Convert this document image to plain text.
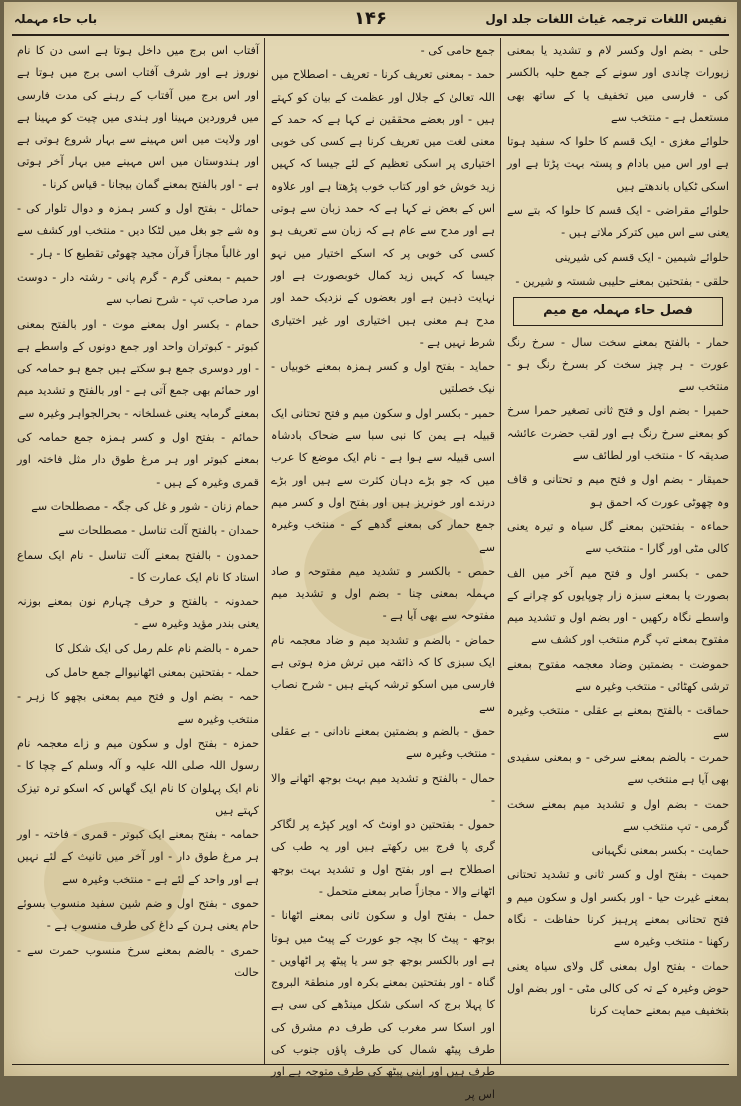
نفیس اللغات ترجمہ غیاث اللغات جلد اول
۱۴۶
باب حاء مہملہ

حلی - بضم اول وکسر لام و تشدید یا بمعنی زیورات چاندی اور سونے کے جمع حلیہ بالکسر کی - فارسی میں تخفیف یا کے ساتھ بھی مستعمل ہے - منتخب سے

حلوائے مغزی - ایک قسم کا حلوا کہ سفید ہوتا ہے اور اس میں بادام و پستہ بہت پڑتا ہے اور اسکی ٹکیاں باندھتے ہیں

حلوائے مقراضی - ایک قسم کا حلوا کہ بتے سے یعنی سے اس میں کترکر ملاتے ہیں -

حلوائے شیمین - ایک قسم کی شیرینی

حلقی - بفتحتین بمعنے حلیبی شستہ و شیرین -

فصل حاء مہملہ مع میم

حمار - بالفتح بمعنے سخت سال - سرخ رنگ عورت - ہر چیز سخت کر بسرخ رنگ ہو - منتخب سے

حمیرا - بضم اول و فتح ثانی تصغیر حمرا سرخ کو بمعنے سرخ رنگ ہے اور لقب حضرت عائشہ صدیقہ کا - منتخب اور لطائف سے

حمیقار - بضم اول و فتح میم و تحتانی و قاف وہ چھوٹی عورت کہ احمق ہو

حماءہ - بفتحتین بمعنے گل سیاہ و تیرہ یعنی کالی مٹی اور گارا - منتخب سے

حمی - بکسر اول و فتح میم آخر میں الف بصورت یا بمعنے سبزہ زار چوپایوں کو چرانے کے واسطے نگاہ رکھیں - اور بضم اول و تشدید میم مفتوح بمعنے تپ گرم منتخب اور کشف سے

حموضت - بضمتین وضاد معجمہ مفتوح بمعنے ترشی کھٹائی - منتخب وغیرہ سے

حماقت - بالفتح بمعنے بے عقلی - منتخب وغیرہ سے

حمرت - بالضم بمعنے سرخی - و بمعنی سفیدی بھی آیا ہے منتخب سے

حمت - بضم اول و تشدید میم بمعنے سخت گرمی - تپ منتخب سے

حمایت - بکسر بمعنی نگہبانی

حمیت - بفتح اول و کسر ثانی و تشدید تحتانی بمعنے غیرت حیا - اور بکسر اول و سکون میم و فتح تحتانی بمعنے پرہیز کرنا حفاظت - نگاہ رکھنا - منتخب وغیرہ سے

حمات - بفتح اول بمعنی گل ولای سیاہ یعنی حوض وغیرہ کے تہ کی کالی مٹی - اور بضم اول بتخفیف میم بمعنے حمایت کرنا

جمع حامی کی -

حمد - بمعنی تعریف کرنا - تعریف - اصطلاح میں اللہ تعالیٰ کے جلال اور عظمت کے بیان کو کہتے ہیں - اور بعضے محققین نے کہا ہے کہ حمد کے معنی لغت میں تعریف کرنا ہے کسی کی خوبی اختیاری پر اسکی تعظیم کے لئے جیسا کہ کہیں زید خوش خو اور کتاب خوب پڑھتا ہے اور علاوہ اس کے بعض نے کہا ہے کہ حمد زبان سے ہوتی ہے اور مدح سے عام ہے کہ زبان سے تعریف ہو کسی کی خوبی پر کہ اسکے اختیار میں نہو جیسا کہ کہیں زید کمال خوبصورت ہے اور نہایت ذہین ہے اور بعضوں کے نزدیک حمد اور مدح ہم معنی ہیں اختیاری اور غیر اختیاری شرط نہیں ہے -

حماید - بفتح اول و کسر ہمزہ بمعنے خوبیاں - نیک خصلتیں

حمیر - بکسر اول و سکون میم و فتح تحتانی ایک قبیلہ ہے یمن کا نبی سبا سے ضحاک بادشاہ اسی قبیلہ سے ہوا ہے - نام ایک موضع کا عرب میں کہ جو بڑے دہان کثرت سے ہیں اور بڑے درندے اور خونریز ہیں اور بفتح اول و کسر میم جمع حمار کی بمعنے گدھے کے - منتخب وغیرہ سے

حمص - بالکسر و تشدید میم مفتوحہ و صاد مہملہ بمعنی چنا - بضم اول و تشدید میم مفتوحہ سے بھی آیا ہے -

حماض - بالضم و تشدید میم و ضاد معجمہ نام ایک سبزی کا کہ ذائقہ میں ترش مزہ ہوتی ہے فارسی میں اسکو ترشہ کہتے ہیں - شرح نصاب سے

حمق - بالضم و بضمتین بمعنے نادانی - بے عقلی - منتخب وغیرہ سے

حمال - بالفتح و تشدید میم بہت بوجھ اٹھانے والا -

حمول - بفتحتین دو اونٹ کہ اوپر کپڑے پر لگاکر گری پا فرج بیں رکھتے ہیں اور یہ طب کی اصطلاح ہے اور بفتح اول و تشدید بہت بوجھ اٹھانے والا - مجازاً صابر بمعنے متحمل -

حمل - بفتح اول و سکون ثانی بمعنے اٹھانا - بوجھ - پیٹ کا بچہ جو عورت کے پیٹ میں ہوتا ہے اور بالکسر بوجھ جو سر یا پیٹھ پر اٹھاویں - گناہ - اور بفتحتین بمعنے بکرہ اور منطقۃ البروج کا پہلا برج کہ اسکی شکل مینڈھے کی سی ہے اور اسکا سر مغرب کی طرف دم مشرق کی طرف پیٹھ شمال کی طرف پاؤں جنوب کی طرف ہیں اور اپنی پیٹھ کی طرف متوجہ ہے اور اس پر

آفتاب اس برج میں داخل ہوتا ہے اسی دن کا نام نوروز ہے اور شرف آفتاب اسی برج میں ہوتا ہے اور اس برج میں آفتاب کے رہنے کی مدت فارسی میں فروردین مہینا اور ہندی میں چیت کو مہینا ہے اور ولایت میں اس مہینے سے بہار شروع ہوتی ہے اور ہندوستان میں اس مہینے میں بہار آخر ہوتی ہے - اور بالفتح بمعنے گمان بیجانا - قیاس کرنا -

حمائل - بفتح اول و کسر ہمزہ و دوال تلوار کی - وہ شے جو بغل میں لٹکا دیں - منتخب اور کشف سے اور غالباً مجازاً قرآن مجید چھوٹی تقطیع کا - ہار -

حمیم - بمعنی گرم - گرم پانی - رشتہ دار - دوست مرد صاحب تپ - شرح نصاب سے

حمام - بکسر اول بمعنے موت - اور بالفتح بمعنی کبوتر - کبوتران واحد اور جمع دونوں کے واسطے ہے - اور دوسری جمع ہو سکتے ہیں جمع ہو حمامہ کی اور حمائم بھی جمع آتی ہے - اور بالفتح و تشدید میم بمعنے گرمابہ یعنی غسلخانہ - بحرالجواہر وغیرہ سے

حمائم - بفتح اول و کسر ہمزہ جمع حمامہ کی بمعنے کبوتر اور ہر مرغ طوق دار مثل فاختہ اور قمری وغیرہ کے ہیں -

حمام زنان - شور و غل کی جگہ - مصطلحات سے

حمدان - بالفتح آلت تناسل - مصطلحات سے

حمدون - بالفتح بمعنے آلت تناسل - نام ایک سماع استاد کا نام ایک عمارت کا -

حمدونہ - بالفتح و حرف چہارم نون بمعنے بوزنہ یعنی بندر مؤید وغیرہ سے -

حمرہ - بالضم نام علم رمل کی ایک شکل کا

حملہ - بفتحتین بمعنی اٹھانیوالے جمع حامل کی

حمہ - بضم اول و فتح میم بمعنی بچھو کا زہر - منتخب وغیرہ سے

حمزہ - بفتح اول و سکون میم و زاے معجمہ نام رسول اللہ صلی اللہ علیہ و آلہ وسلم کے چچا کا - نام ایک پہلوان کا نام ایک گھاس کہ اسکو ترہ تیزک کہتے ہیں

حمامہ - بفتح بمعنے ایک کبوتر - قمری - فاختہ - اور ہر مرغ طوق دار - اور آخر میں تانیث کے لئے نہیں ہے اور واحد کے لئے ہے - منتخب وغیرہ سے

حموی - بفتح اول و ضم شین سفید منسوب بسوئے حام یعنی ہرن کے داغ کی طرف منسوب ہے -

حمری - بالضم بمعنے سرخ منسوب حمرت سے - حالت
